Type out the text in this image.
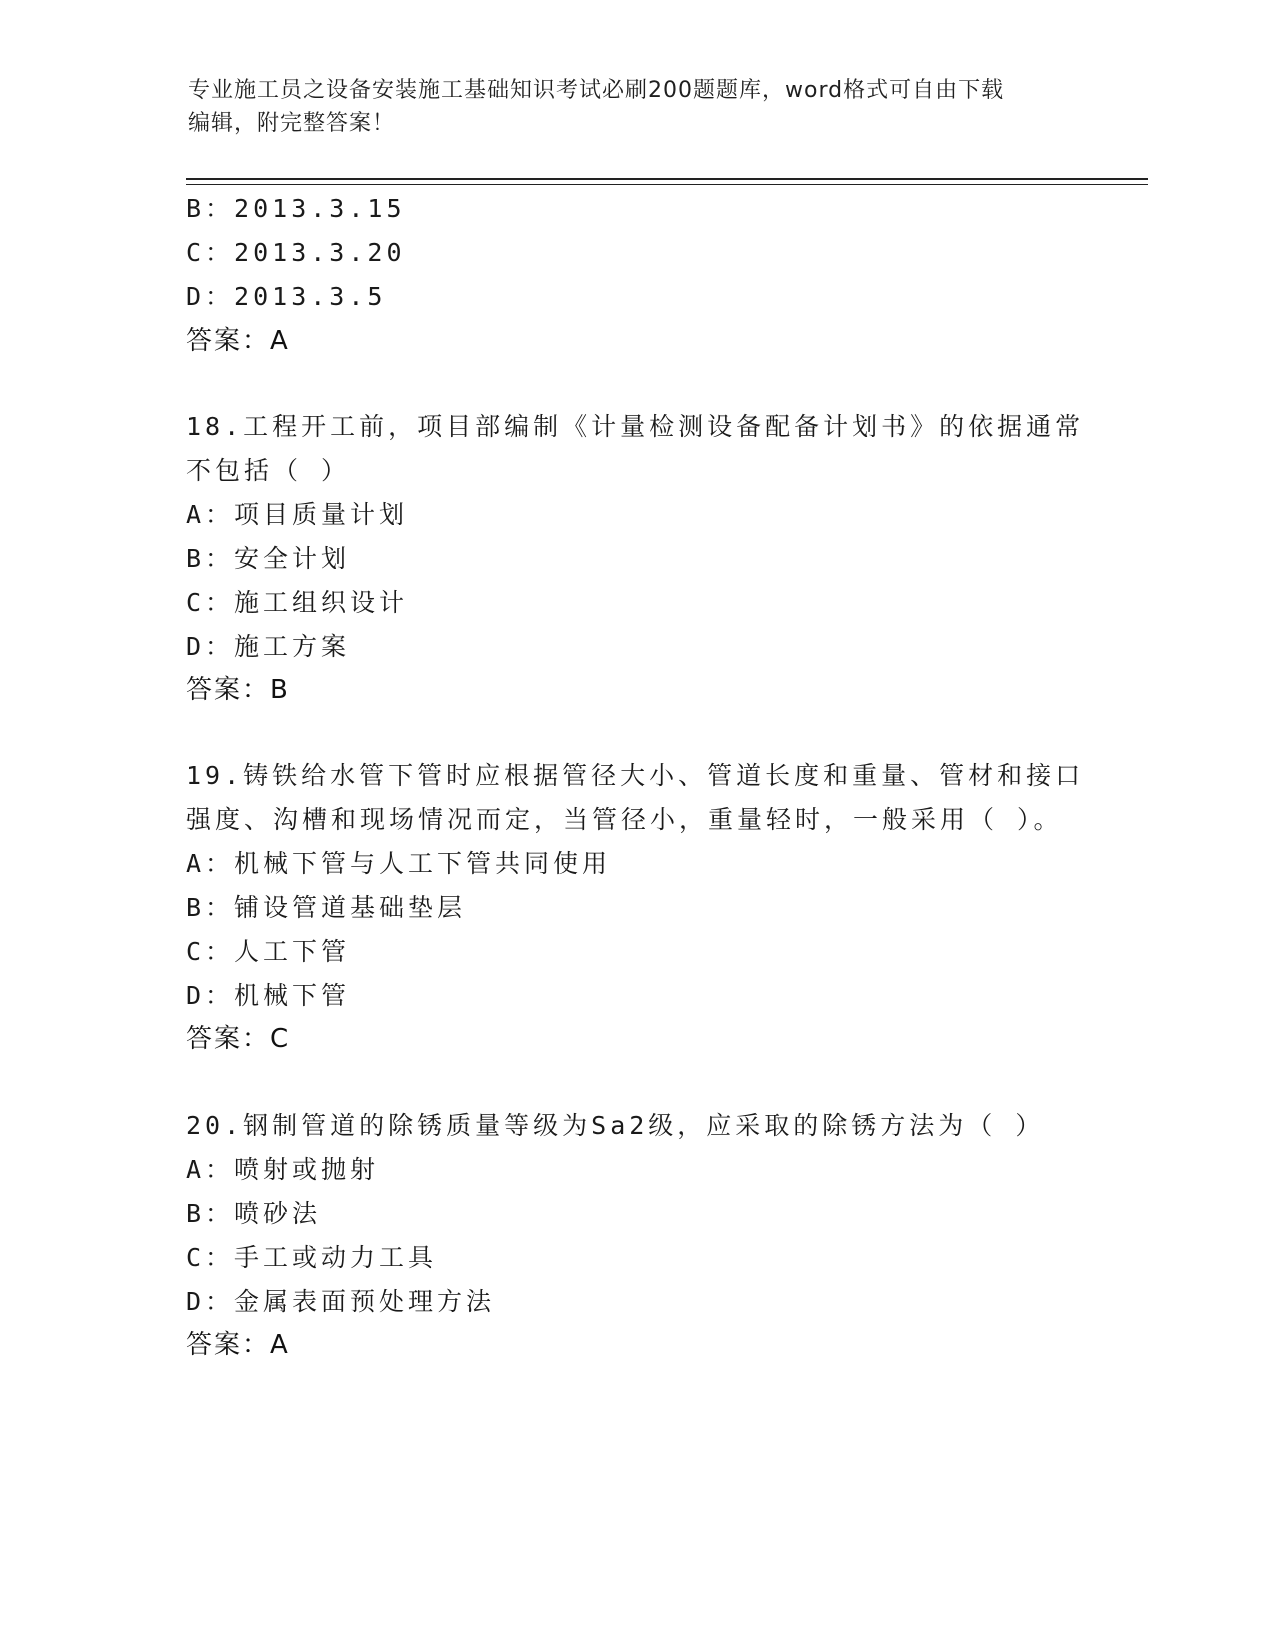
专业施工员之设备安装施工基础知识考试必刷200题题库，word格式可自由下载
编辑，附完整答案！
B：2013.3.15
C：2013.3.20
D：2013.3.5
答案：A
18.工程开工前，项目部编制《计量检测设备配备计划书》的依据通常
不包括（ ）
A：项目质量计划
B：安全计划
C：施工组织设计
D：施工方案
答案：B
19.铸铁给水管下管时应根据管径大小、管道长度和重量、管材和接口
强度、沟槽和现场情况而定，当管径小，重量轻时，一般采用（ ）。
A：机械下管与人工下管共同使用
B：铺设管道基础垫层
C：人工下管
D：机械下管
答案：C
20.钢制管道的除锈质量等级为Sa2级，应采取的除锈方法为（ ）
A：喷射或抛射
B：喷砂法
C：手工或动力工具
D：金属表面预处理方法
答案：A
